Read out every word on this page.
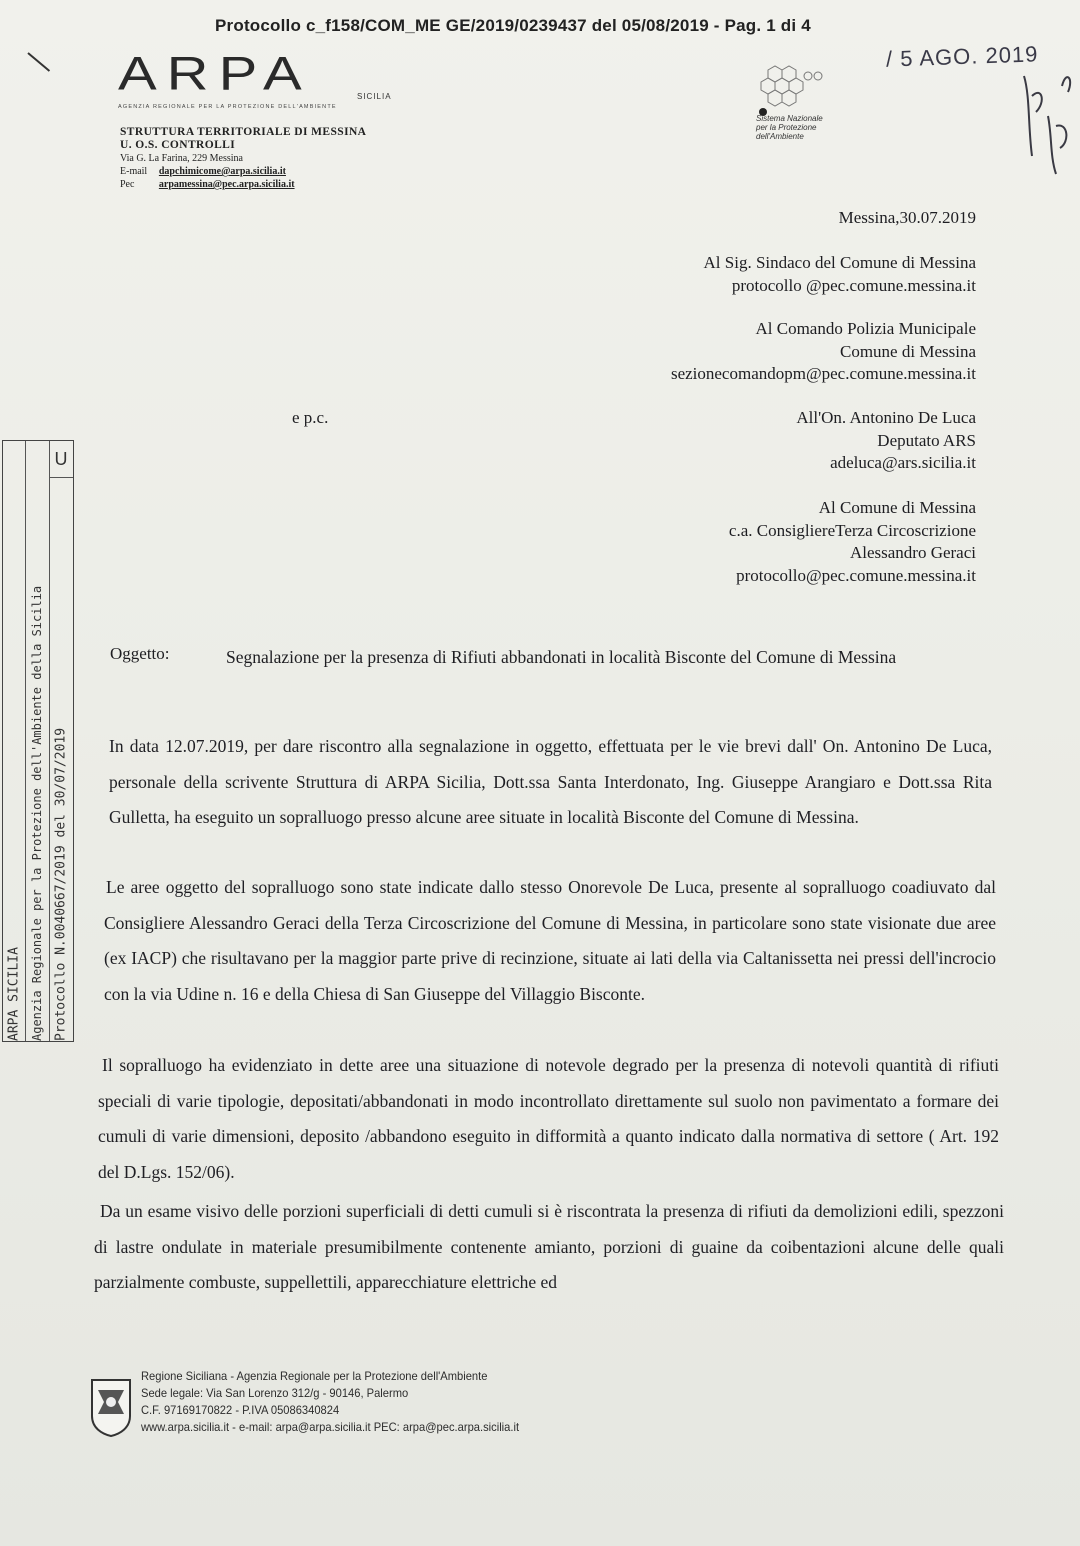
Protocollo c_f158/COM_ME GE/2019/0239437 del 05/08/2019 - Pag. 1 di 4
ARPA	SICILIA
AGENZIA REGIONALE PER LA PROTEZIONE DELL'AMBIENTE
STRUTTURA TERRITORIALE DI MESSINA
U. O.S. CONTROLLI
Via G. La Farina, 229 Messina
E-mail dapchimicome@arpa.sicilia.it
Pec arpamessina@pec.arpa.sicilia.it
Sistema Nazionale
per la Protezione
dell'Ambiente
/ 5 AGO. 2019
Messina,30.07.2019
Al Sig. Sindaco del Comune di Messina
protocollo @pec.comune.messina.it
Al Comando Polizia Municipale
Comune di Messina
sezionecomandopm@pec.comune.messina.it
e p.c.	All'On. Antonino De Luca
Deputato ARS
adeluca@ars.sicilia.it
Al Comune di Messina
c.a. ConsigliereTerza Circoscrizione
Alessandro Geraci
protocollo@pec.comune.messina.it
ARPA SICILIA Agenzia Regionale per la Protezione dell'Ambiente della Sicilia Protocollo N.0040667/2019 del 30/07/2019
U
Oggetto:	Segnalazione per la presenza di Rifiuti abbandonati in località Bisconte del Comune di Messina
In data 12.07.2019, per dare riscontro alla segnalazione in oggetto, effettuata per le vie brevi dall' On. Antonino De Luca, personale della scrivente Struttura di ARPA Sicilia, Dott.ssa Santa Interdonato, Ing. Giuseppe Arangiaro e Dott.ssa Rita Gulletta, ha eseguito un sopralluogo presso alcune aree situate in località Bisconte del Comune di Messina.
Le aree oggetto del sopralluogo sono state indicate dallo stesso Onorevole De Luca, presente al sopralluogo coadiuvato dal Consigliere Alessandro Geraci della Terza Circoscrizione del Comune di Messina, in particolare sono state visionate due aree (ex IACP) che risultavano per la maggior parte prive di recinzione, situate ai lati della via Caltanissetta nei pressi dell'incrocio con la via Udine n. 16 e della Chiesa di San Giuseppe del Villaggio Bisconte.
Il sopralluogo ha evidenziato in dette aree una situazione di notevole degrado per la presenza di notevoli quantità di rifiuti speciali di varie tipologie, depositati/abbandonati in modo incontrollato direttamente sul suolo non pavimentato a formare dei cumuli di varie dimensioni, deposito /abbandono eseguito in difformità a quanto indicato dalla normativa di settore ( Art. 192 del D.Lgs. 152/06).
Da un esame visivo delle porzioni superficiali di detti cumuli si è riscontrata la presenza di rifiuti da demolizioni edili, spezzoni di lastre ondulate in materiale presumibilmente contenente amianto, porzioni di guaine da coibentazioni alcune delle quali parzialmente combuste, suppellettili, apparecchiature elettriche ed
Regione Siciliana - Agenzia Regionale per la Protezione dell'Ambiente
Sede legale: Via San Lorenzo 312/g - 90146, Palermo
C.F. 97169170822 - P.IVA 05086340824
www.arpa.sicilia.it - e-mail: arpa@arpa.sicilia.it PEC: arpa@pec.arpa.sicilia.it
